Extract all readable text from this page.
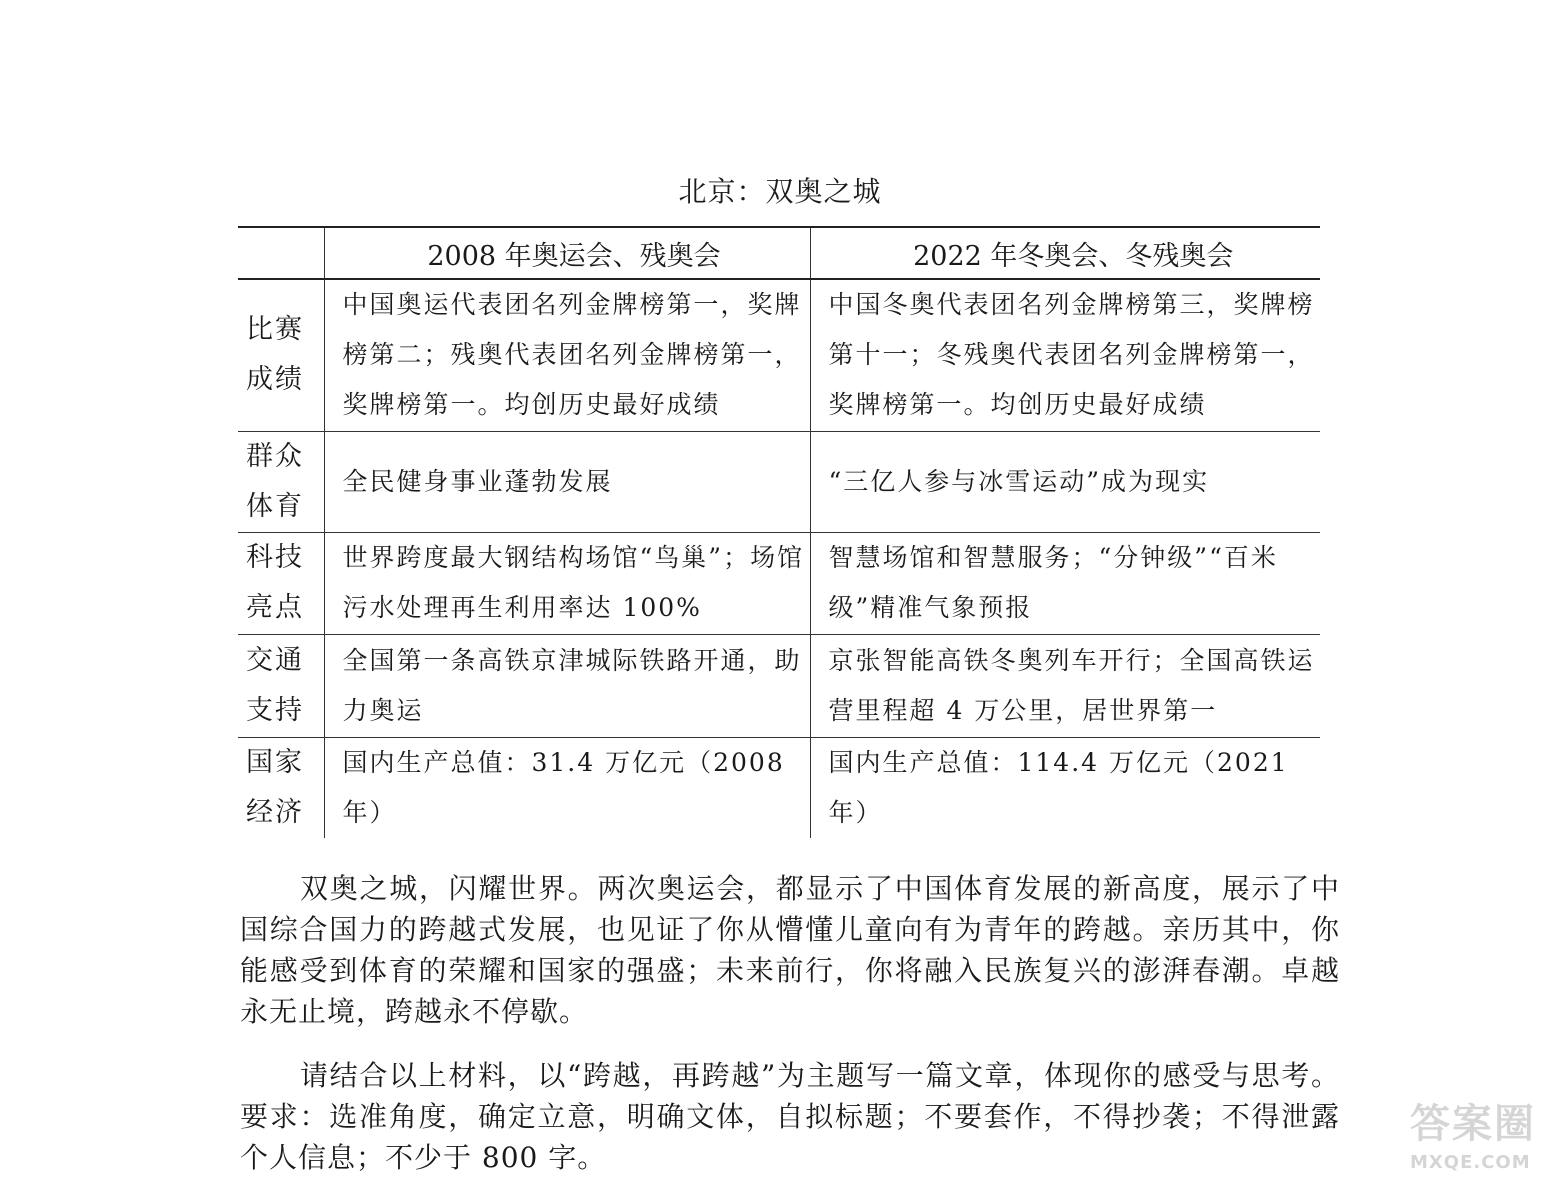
北京：双奥之城
	2008 年奥运会、残奥会	2022 年冬奥会、冬残奥会

比赛成绩	中国奥运代表团名列金牌榜第一，奖牌榜第二；残奥代表团名列金牌榜第一，奖牌榜第一。均创历史最好成绩	中国冬奥代表团名列金牌榜第三，奖牌榜第十一；冬残奥代表团名列金牌榜第一，奖牌榜第一。均创历史最好成绩

群众体育	全民健身事业蓬勃发展	“三亿人参与冰雪运动”成为现实

科技亮点	世界跨度最大钢结构场馆“鸟巢”；场馆污水处理再生利用率达 100%	智慧场馆和智慧服务；“分钟级”“百米级”精准气象预报

交通支持	全国第一条高铁京津城际铁路开通，助力奥运	京张智能高铁冬奥列车开行；全国高铁运营里程超 4 万公里，居世界第一

国家经济	国内生产总值：31.4 万亿元（2008 年）	国内生产总值：114.4 万亿元（2021 年）

双奥之城，闪耀世界。两次奥运会，都显示了中国体育发展的新高度，展示了中国综合国力的跨越式发展，也见证了你从懵懂儿童向有为青年的跨越。亲历其中，你能感受到体育的荣耀和国家的强盛；未来前行，你将融入民族复兴的澎湃春潮。卓越永无止境，跨越永不停歇。

请结合以上材料，以“跨越，再跨越”为主题写一篇文章，体现你的感受与思考。要求：选准角度，确定立意，明确文体，自拟标题；不要套作，不得抄袭；不得泄露个人信息；不少于 800 字。

答案圈
MXQE.COM
